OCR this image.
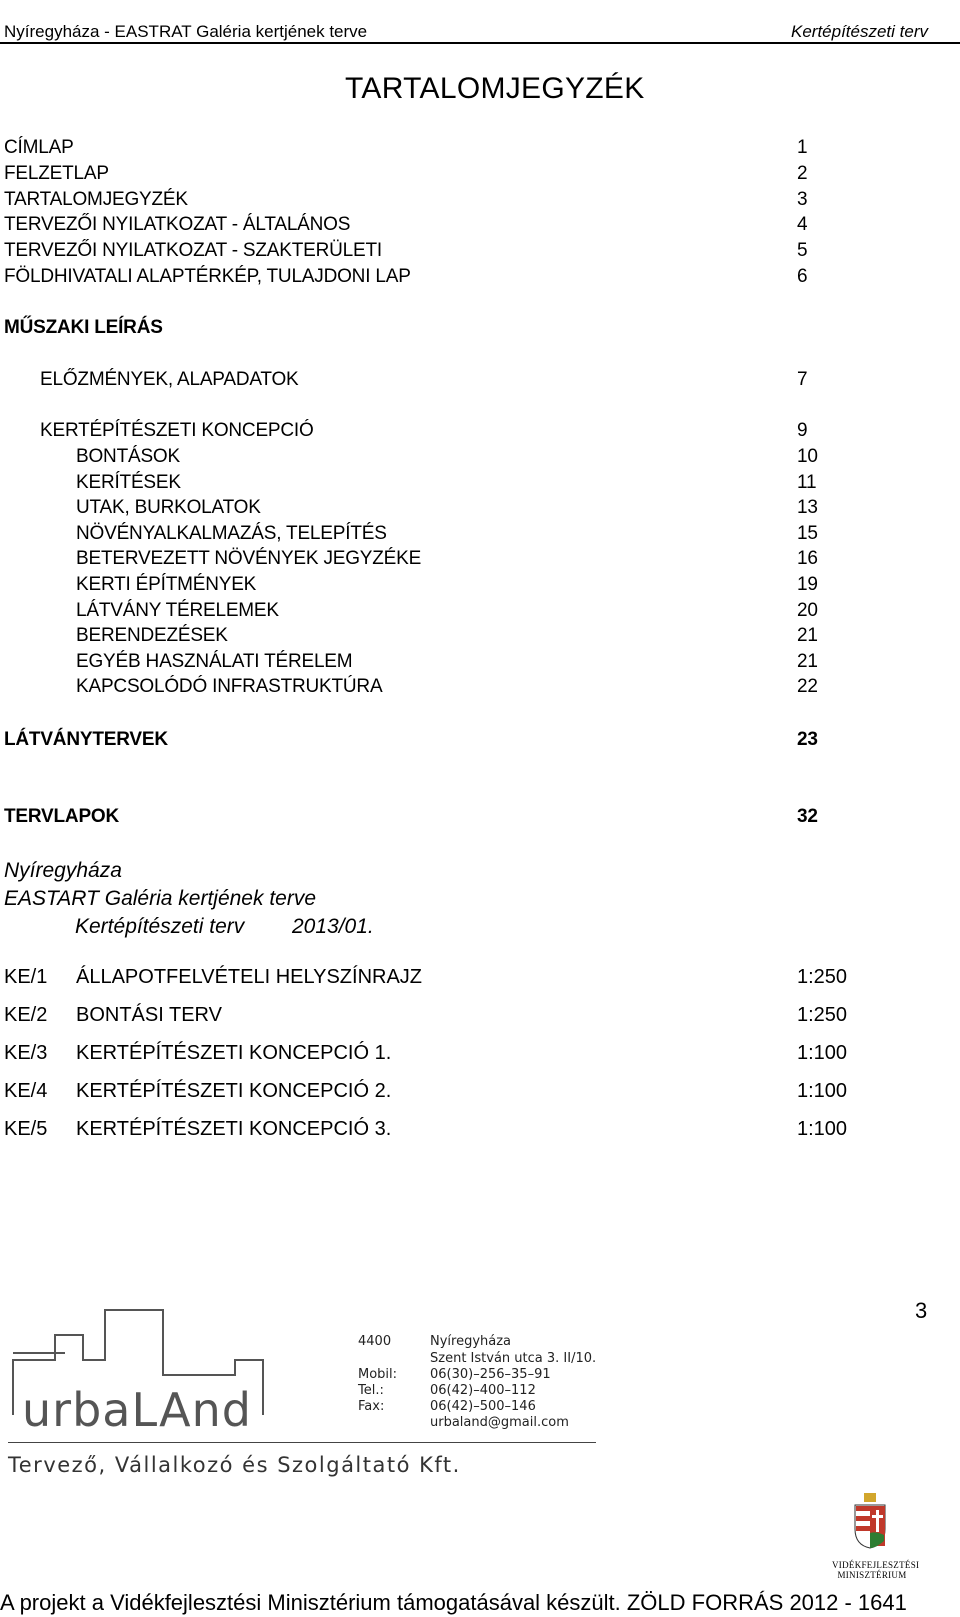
Nyíregyháza - EASTRAT Galéria kertjének terve	Kertépítészeti terv
TARTALOMJEGYZÉK
CÍMLAP	1
FELZETLAP	2
TARTALOMJEGYZÉK	3
TERVEZŐI NYILATKOZAT - ÁLTALÁNOS	4
TERVEZŐI NYILATKOZAT - SZAKTERÜLETI	5
FÖLDHIVATALI ALAPTÉRKÉP, TULAJDONI LAP	6
MŰSZAKI LEÍRÁS
ELŐZMÉNYEK, ALAPADATOK	7
KERTÉPÍTÉSZETI KONCEPCIÓ	9
BONTÁSOK	10
KERÍTÉSEK	11
UTAK, BURKOLATOK	13
NÖVÉNYALKALMAZÁS, TELEPÍTÉS	15
BETERVEZETT NÖVÉNYEK JEGYZÉKE	16
KERTI ÉPÍTMÉNYEK	19
LÁTVÁNY TÉRELEMEK	20
BERENDEZÉSEK	21
EGYÉB HASZNÁLATI TÉRELEM	21
KAPCSOLÓDÓ INFRASTRUKTÚRA	22
LÁTVÁNYTERVEK	23
TERVLAPOK	32
Nyíregyháza
EASTART Galéria kertjének terve
Kertépítészeti terv 2013/01.
KE/1 ÁLLAPOTFELVÉTELI HELYSZÍNRAJZ	1:250
KE/2 BONTÁSI TERV	1:250
KE/3 KERTÉPÍTÉSZETI KONCEPCIÓ 1.	1:100
KE/4 KERTÉPÍTÉSZETI KONCEPCIÓ 2.	1:100
KE/5 KERTÉPÍTÉSZETI KONCEPCIÓ 3.	1:100
3
urbaLAnd
4400	Nyíregyháza
Szent István utca 3. II/10.
Mobil:	06(30)–256–35–91
Tel.:	06(42)–400–112
Fax:	06(42)–500–146
urbaland@gmail.com
Tervező, Vállalkozó és Szolgáltató Kft.
VIDÉKFEJLESZTÉSI
MINISZTÉRIUM
A projekt a Vidékfejlesztési Minisztérium támogatásával készült. ZÖLD FORRÁS 2012 - 1641
